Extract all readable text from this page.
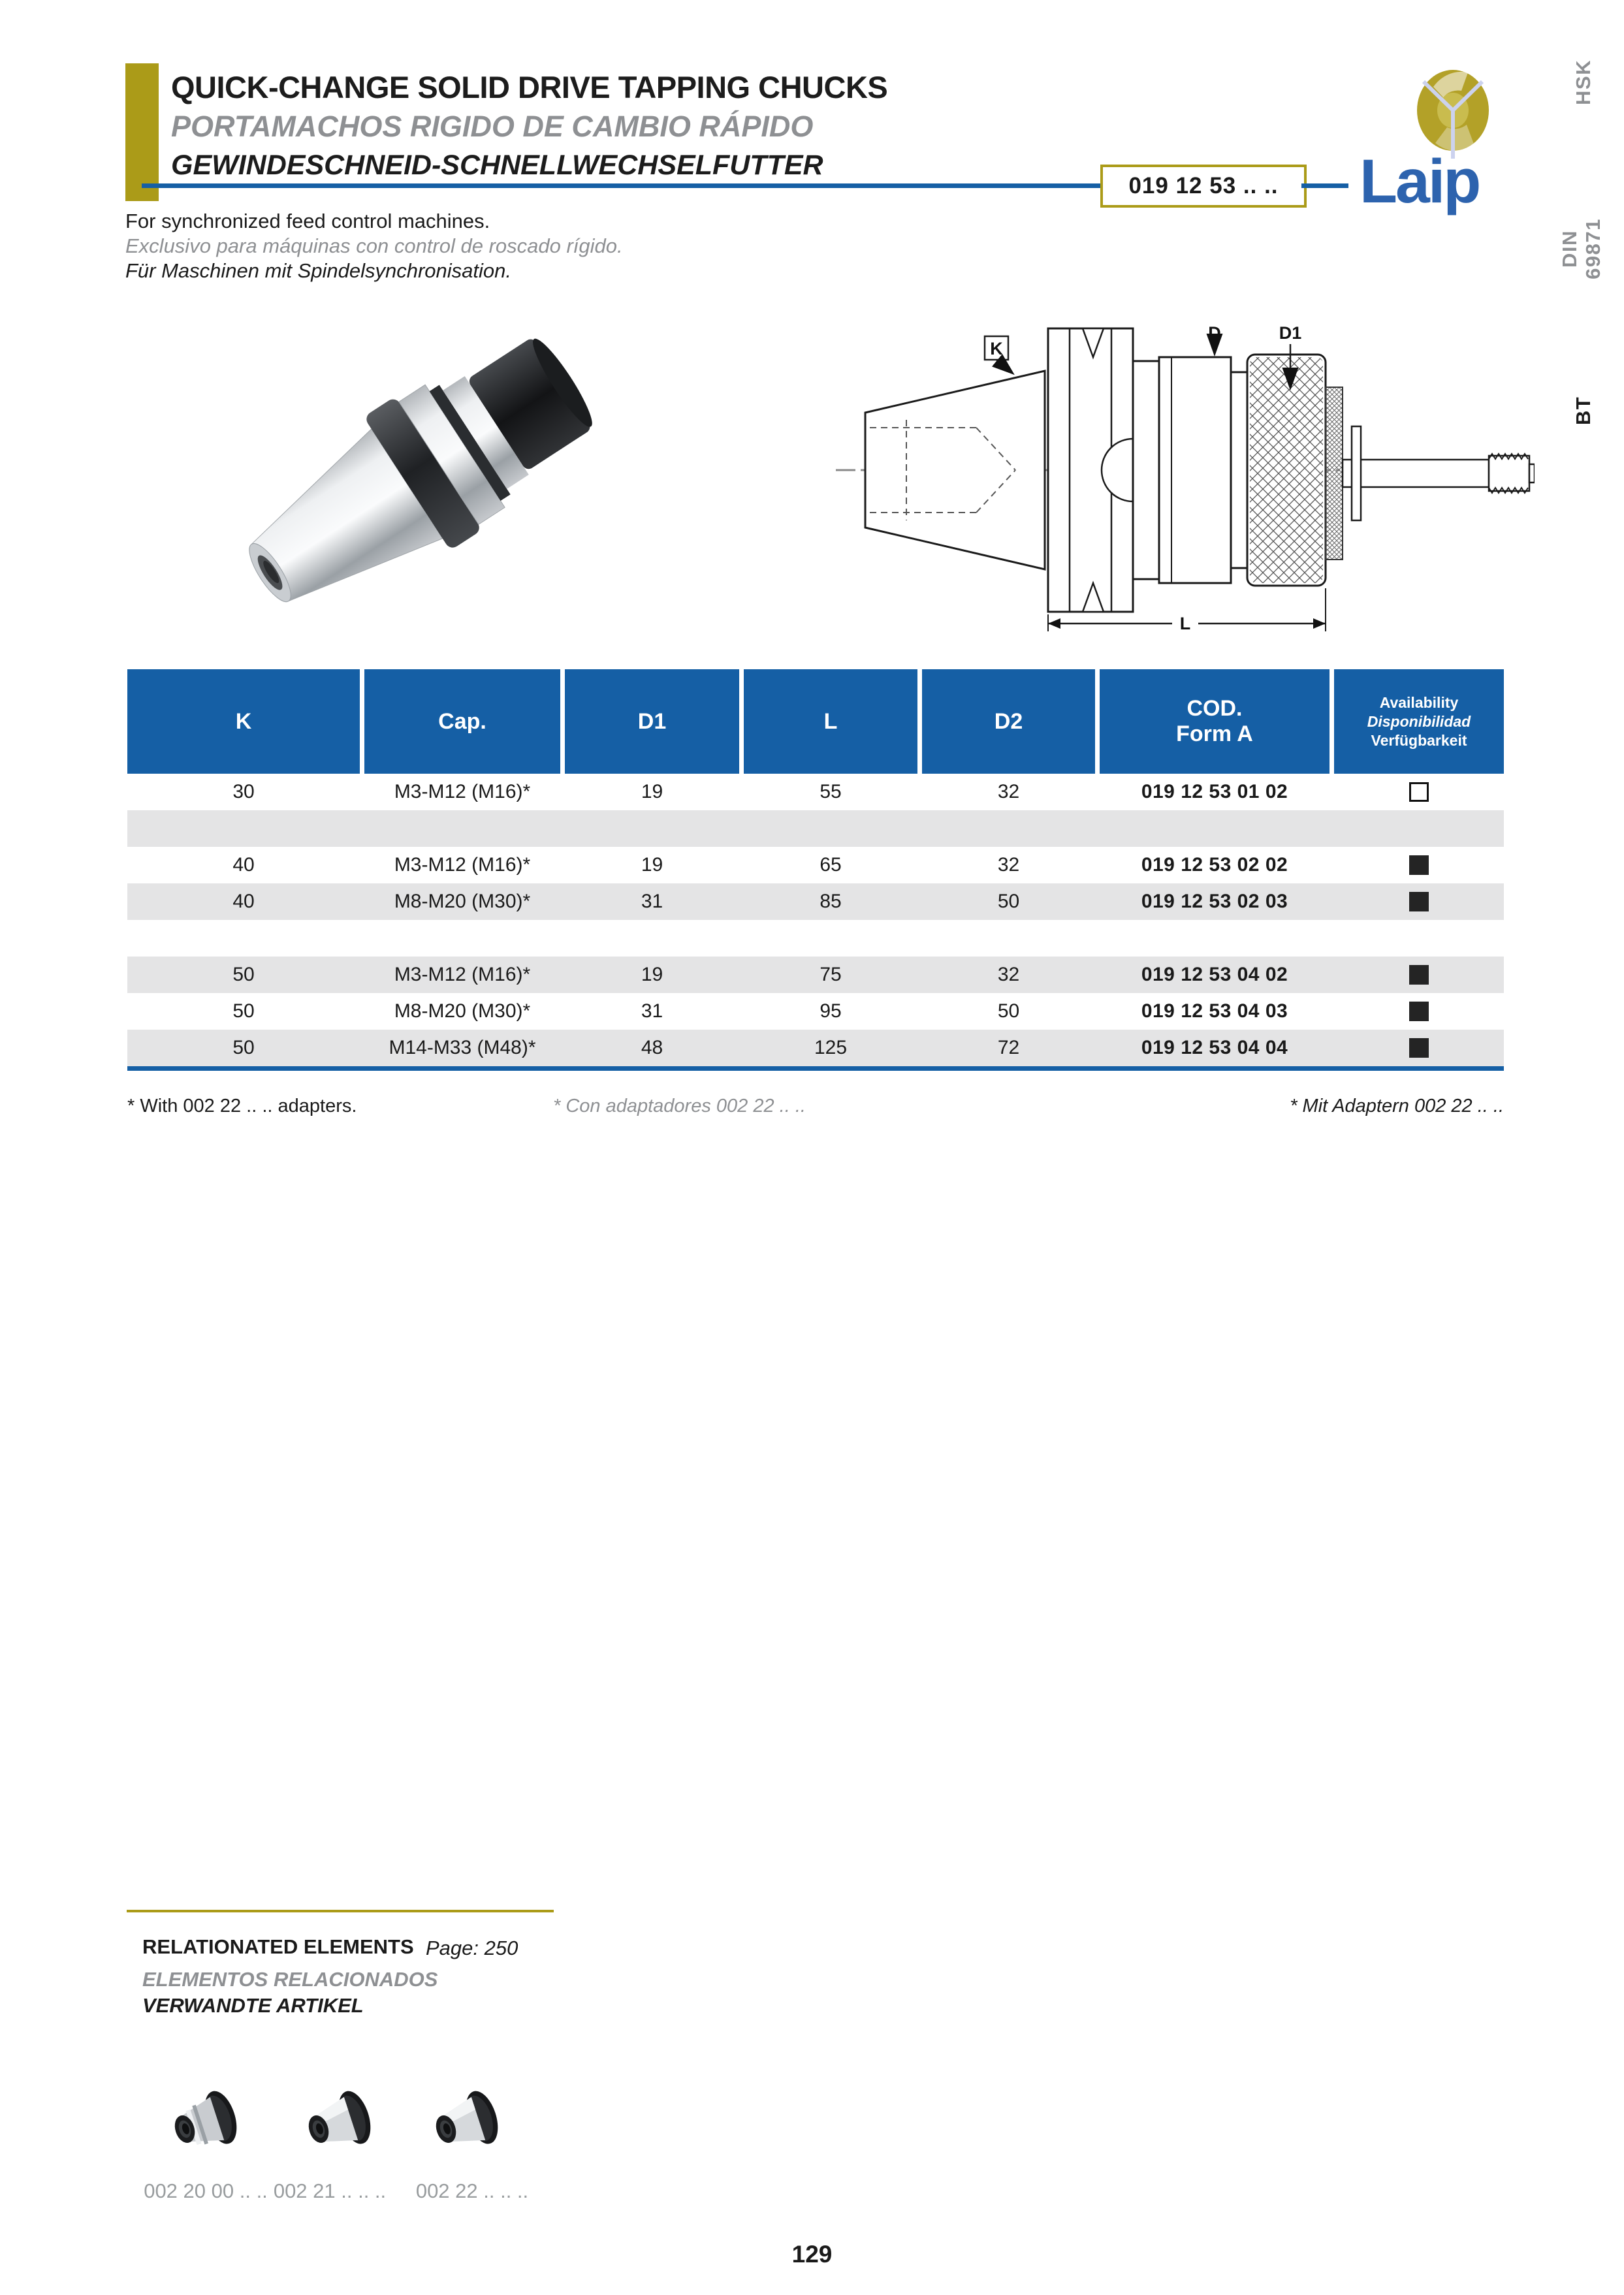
QUICK-CHANGE SOLID DRIVE TAPPING CHUCKS
PORTAMACHOS RIGIDO DE CAMBIO RÁPIDO
GEWINDESCHNEID-SCHNELLWECHSELFUTTER
019 12 53 .. .. Laip
HSK
DIN 69871
BT
For synchronized feed control machines.
Exclusivo para máquinas con control de roscado rígido.
Für Maschinen mit Spindelsynchronisation.
K
D	D1
L
K	Cap.	D1	L	D2
COD.
Form A
Availability
Disponibilidad
Verfügbarkeit
30	M3-M12 (M16)*	19	55	32	019 12 53 01 02
40	M3-M12 (M16)*	19	65	32	019 12 53 02 02
40	M8-M20 (M30)*	31	85	50	019 12 53 02 03
50	M3-M12 (M16)*	19	75	32	019 12 53 04 02
50	M8-M20 (M30)*	31	95	50	019 12 53 04 03
50	M14-M33 (M48)*	48	125	72	019 12 53 04 04
* With 002 22 .. .. adapters.	* Con adaptadores 002 22 .. ..	* Mit Adaptern 002 22 .. ..
RELATIONATED ELEMENTS Page: 250
ELEMENTOS RELACIONADOS
VERWANDTE ARTIKEL
002 20 00 .. .. 002 21 .. .. ..	002 22 .. .. ..
129
